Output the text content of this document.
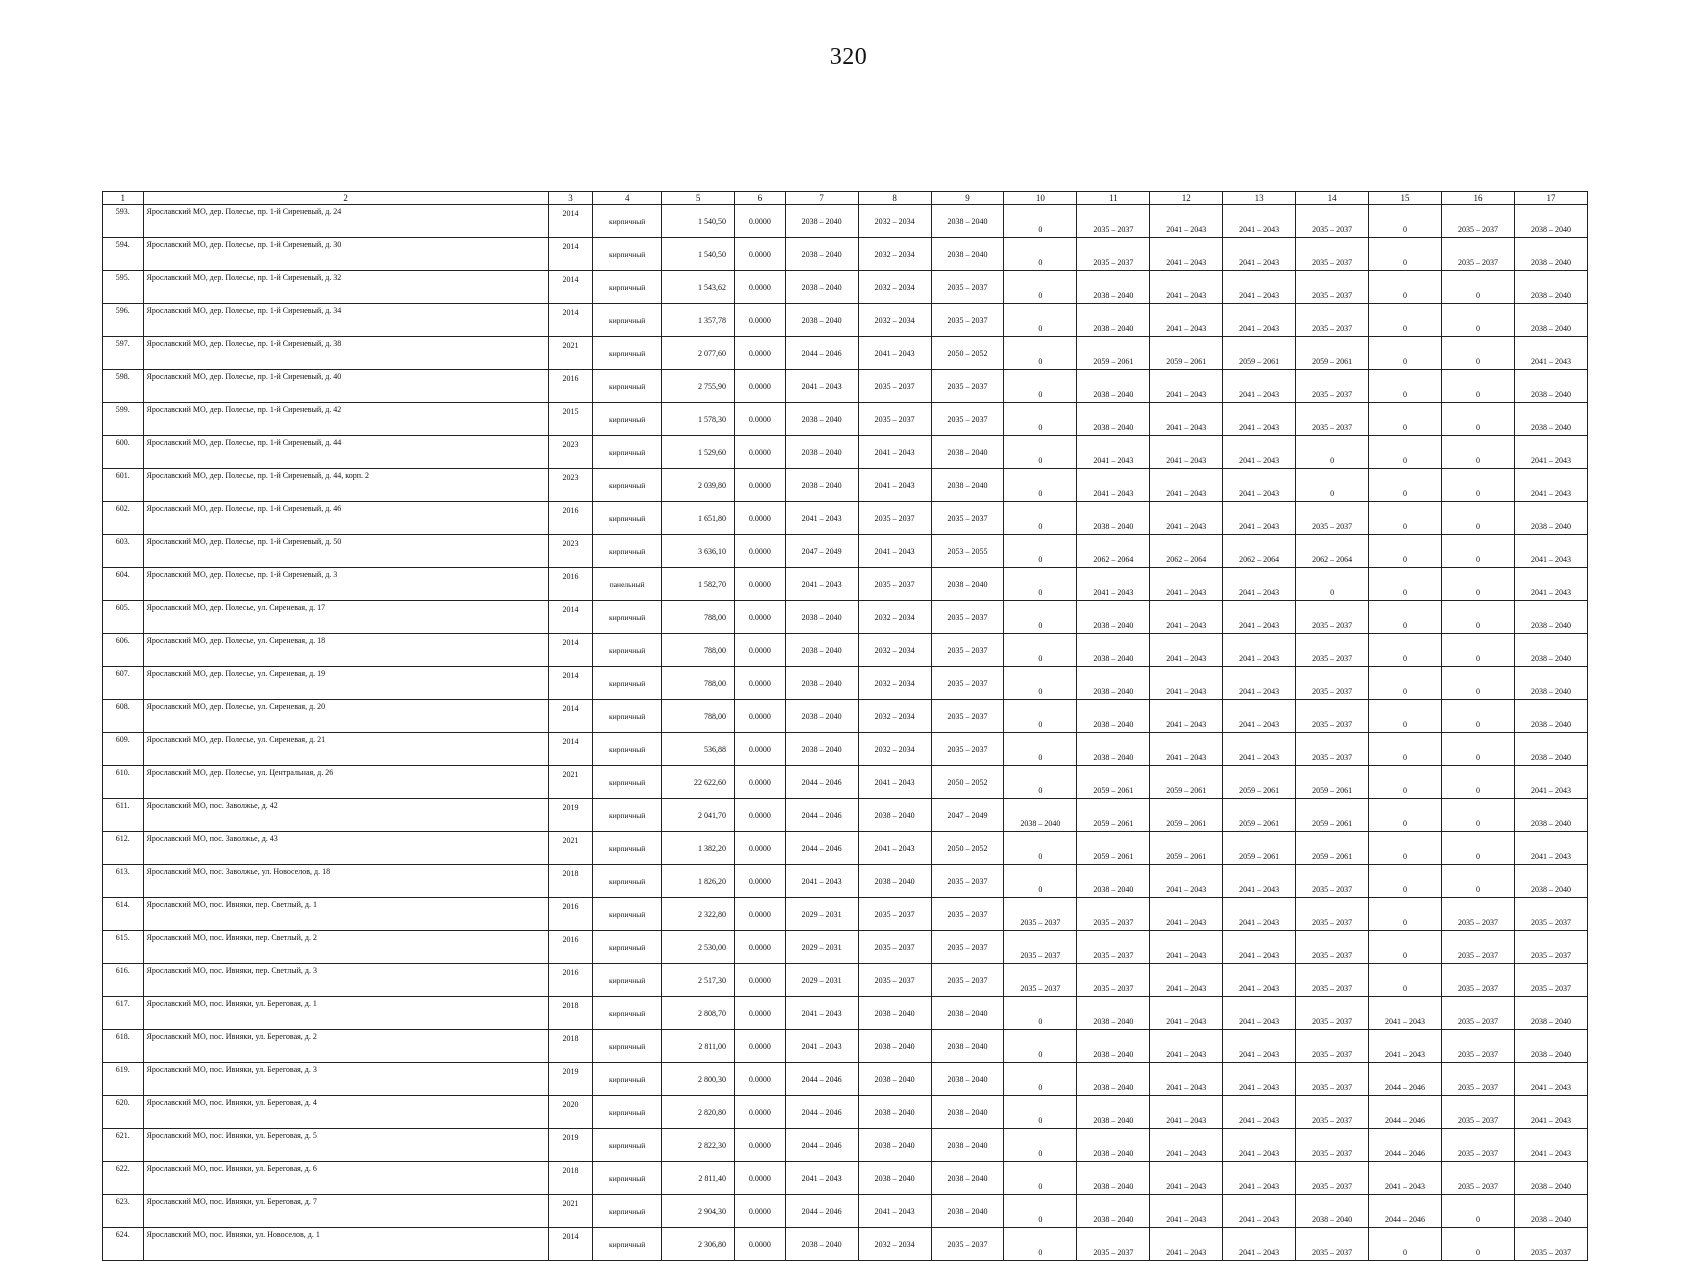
320
1	2	3	4	5	6	7	8	9	10	11	12	13	14	15	16	17
593.	Ярославский МО, дер. Полесье, пр. 1-й Сиреневый, д. 24	2014	кирпичный	1 540,50	0.0000	2038 – 2040	2032 – 2034	2038 – 2040	0	2035 – 2037	2041 – 2043	2041 – 2043	2035 – 2037	0	2035 – 2037	2038 – 2040
594.	Ярославский МО, дер. Полесье, пр. 1-й Сиреневый, д. 30	2014	кирпичный	1 540,50	0.0000	2038 – 2040	2032 – 2034	2038 – 2040	0	2035 – 2037	2041 – 2043	2041 – 2043	2035 – 2037	0	2035 – 2037	2038 – 2040
595.	Ярославский МО, дер. Полесье, пр. 1-й Сиреневый, д. 32	2014	кирпичный	1 543,62	0.0000	2038 – 2040	2032 – 2034	2035 – 2037	0	2038 – 2040	2041 – 2043	2041 – 2043	2035 – 2037	0	0	2038 – 2040
596.	Ярославский МО, дер. Полесье, пр. 1-й Сиреневый, д. 34	2014	кирпичный	1 357,78	0.0000	2038 – 2040	2032 – 2034	2035 – 2037	0	2038 – 2040	2041 – 2043	2041 – 2043	2035 – 2037	0	0	2038 – 2040
597.	Ярославский МО, дер. Полесье, пр. 1-й Сиреневый, д. 38	2021	кирпичный	2 077,60	0.0000	2044 – 2046	2041 – 2043	2050 – 2052	0	2059 – 2061	2059 – 2061	2059 – 2061	2059 – 2061	0	0	2041 – 2043
598.	Ярославский МО, дер. Полесье, пр. 1-й Сиреневый, д. 40	2016	кирпичный	2 755,90	0.0000	2041 – 2043	2035 – 2037	2035 – 2037	0	2038 – 2040	2041 – 2043	2041 – 2043	2035 – 2037	0	0	2038 – 2040
599.	Ярославский МО, дер. Полесье, пр. 1-й Сиреневый, д. 42	2015	кирпичный	1 578,30	0.0000	2038 – 2040	2035 – 2037	2035 – 2037	0	2038 – 2040	2041 – 2043	2041 – 2043	2035 – 2037	0	0	2038 – 2040
600.	Ярославский МО, дер. Полесье, пр. 1-й Сиреневый, д. 44	2023	кирпичный	1 529,60	0.0000	2038 – 2040	2041 – 2043	2038 – 2040	0	2041 – 2043	2041 – 2043	2041 – 2043	0	0	0	2041 – 2043
601.	Ярославский МО, дер. Полесье, пр. 1-й Сиреневый, д. 44, корп. 2	2023	кирпичный	2 039,80	0.0000	2038 – 2040	2041 – 2043	2038 – 2040	0	2041 – 2043	2041 – 2043	2041 – 2043	0	0	0	2041 – 2043
602.	Ярославский МО, дер. Полесье, пр. 1-й Сиреневый, д. 46	2016	кирпичный	1 651,80	0.0000	2041 – 2043	2035 – 2037	2035 – 2037	0	2038 – 2040	2041 – 2043	2041 – 2043	2035 – 2037	0	0	2038 – 2040
603.	Ярославский МО, дер. Полесье, пр. 1-й Сиреневый, д. 50	2023	кирпичный	3 636,10	0.0000	2047 – 2049	2041 – 2043	2053 – 2055	0	2062 – 2064	2062 – 2064	2062 – 2064	2062 – 2064	0	0	2041 – 2043
604.	Ярославский МО, дер. Полесье, пр. 1-й Сиреневый, д. 3	2016	панельный	1 582,70	0.0000	2041 – 2043	2035 – 2037	2038 – 2040	0	2041 – 2043	2041 – 2043	2041 – 2043	0	0	0	2041 – 2043
605.	Ярославский МО, дер. Полесье, ул. Сиреневая, д. 17	2014	кирпичный	788,00	0.0000	2038 – 2040	2032 – 2034	2035 – 2037	0	2038 – 2040	2041 – 2043	2041 – 2043	2035 – 2037	0	0	2038 – 2040
606.	Ярославский МО, дер. Полесье, ул. Сиреневая, д. 18	2014	кирпичный	788,00	0.0000	2038 – 2040	2032 – 2034	2035 – 2037	0	2038 – 2040	2041 – 2043	2041 – 2043	2035 – 2037	0	0	2038 – 2040
607.	Ярославский МО, дер. Полесье, ул. Сиреневая, д. 19	2014	кирпичный	788,00	0.0000	2038 – 2040	2032 – 2034	2035 – 2037	0	2038 – 2040	2041 – 2043	2041 – 2043	2035 – 2037	0	0	2038 – 2040
608.	Ярославский МО, дер. Полесье, ул. Сиреневая, д. 20	2014	кирпичный	788,00	0.0000	2038 – 2040	2032 – 2034	2035 – 2037	0	2038 – 2040	2041 – 2043	2041 – 2043	2035 – 2037	0	0	2038 – 2040
609.	Ярославский МО, дер. Полесье, ул. Сиреневая, д. 21	2014	кирпичный	536,88	0.0000	2038 – 2040	2032 – 2034	2035 – 2037	0	2038 – 2040	2041 – 2043	2041 – 2043	2035 – 2037	0	0	2038 – 2040
610.	Ярославский МО, дер. Полесье, ул. Центральная, д. 26	2021	кирпичный	22 622,60	0.0000	2044 – 2046	2041 – 2043	2050 – 2052	0	2059 – 2061	2059 – 2061	2059 – 2061	2059 – 2061	0	0	2041 – 2043
611.	Ярославский МО, пос. Заволжье, д. 42	2019	кирпичный	2 041,70	0.0000	2044 – 2046	2038 – 2040	2047 – 2049	2038 – 2040	2059 – 2061	2059 – 2061	2059 – 2061	2059 – 2061	0	0	2038 – 2040
612.	Ярославский МО, пос. Заволжье, д. 43	2021	кирпичный	1 382,20	0.0000	2044 – 2046	2041 – 2043	2050 – 2052	0	2059 – 2061	2059 – 2061	2059 – 2061	2059 – 2061	0	0	2041 – 2043
613.	Ярославский МО, пос. Заволжье, ул. Новоселов, д. 18	2018	кирпичный	1 826,20	0.0000	2041 – 2043	2038 – 2040	2035 – 2037	0	2038 – 2040	2041 – 2043	2041 – 2043	2035 – 2037	0	0	2038 – 2040
614.	Ярославский МО, пос. Ивняки, пер. Светлый, д. 1	2016	кирпичный	2 322,80	0.0000	2029 – 2031	2035 – 2037	2035 – 2037	2035 – 2037	2035 – 2037	2041 – 2043	2041 – 2043	2035 – 2037	0	2035 – 2037	2035 – 2037
615.	Ярославский МО, пос. Ивняки, пер. Светлый, д. 2	2016	кирпичный	2 530,00	0.0000	2029 – 2031	2035 – 2037	2035 – 2037	2035 – 2037	2035 – 2037	2041 – 2043	2041 – 2043	2035 – 2037	0	2035 – 2037	2035 – 2037
616.	Ярославский МО, пос. Ивняки, пер. Светлый, д. 3	2016	кирпичный	2 517,30	0.0000	2029 – 2031	2035 – 2037	2035 – 2037	2035 – 2037	2035 – 2037	2041 – 2043	2041 – 2043	2035 – 2037	0	2035 – 2037	2035 – 2037
617.	Ярославский МО, пос. Ивняки, ул. Береговая, д. 1	2018	кирпичный	2 808,70	0.0000	2041 – 2043	2038 – 2040	2038 – 2040	0	2038 – 2040	2041 – 2043	2041 – 2043	2035 – 2037	2041 – 2043	2035 – 2037	2038 – 2040
618.	Ярославский МО, пос. Ивняки, ул. Береговая, д. 2	2018	кирпичный	2 811,00	0.0000	2041 – 2043	2038 – 2040	2038 – 2040	0	2038 – 2040	2041 – 2043	2041 – 2043	2035 – 2037	2041 – 2043	2035 – 2037	2038 – 2040
619.	Ярославский МО, пос. Ивняки, ул. Береговая, д. 3	2019	кирпичный	2 800,30	0.0000	2044 – 2046	2038 – 2040	2038 – 2040	0	2038 – 2040	2041 – 2043	2041 – 2043	2035 – 2037	2044 – 2046	2035 – 2037	2041 – 2043
620.	Ярославский МО, пос. Ивняки, ул. Береговая, д. 4	2020	кирпичный	2 820,80	0.0000	2044 – 2046	2038 – 2040	2038 – 2040	0	2038 – 2040	2041 – 2043	2041 – 2043	2035 – 2037	2044 – 2046	2035 – 2037	2041 – 2043
621.	Ярославский МО, пос. Ивняки, ул. Береговая, д. 5	2019	кирпичный	2 822,30	0.0000	2044 – 2046	2038 – 2040	2038 – 2040	0	2038 – 2040	2041 – 2043	2041 – 2043	2035 – 2037	2044 – 2046	2035 – 2037	2041 – 2043
622.	Ярославский МО, пос. Ивняки, ул. Береговая, д. 6	2018	кирпичный	2 811,40	0.0000	2041 – 2043	2038 – 2040	2038 – 2040	0	2038 – 2040	2041 – 2043	2041 – 2043	2035 – 2037	2041 – 2043	2035 – 2037	2038 – 2040
623.	Ярославский МО, пос. Ивняки, ул. Береговая, д. 7	2021	кирпичный	2 904,30	0.0000	2044 – 2046	2041 – 2043	2038 – 2040	0	2038 – 2040	2041 – 2043	2041 – 2043	2038 – 2040	2044 – 2046	0	2038 – 2040
624.	Ярославский МО, пос. Ивняки, ул. Новоселов, д. 1	2014	кирпичный	2 306,80	0.0000	2038 – 2040	2032 – 2034	2035 – 2037	0	2035 – 2037	2041 – 2043	2041 – 2043	2035 – 2037	0	0	2035 – 2037
